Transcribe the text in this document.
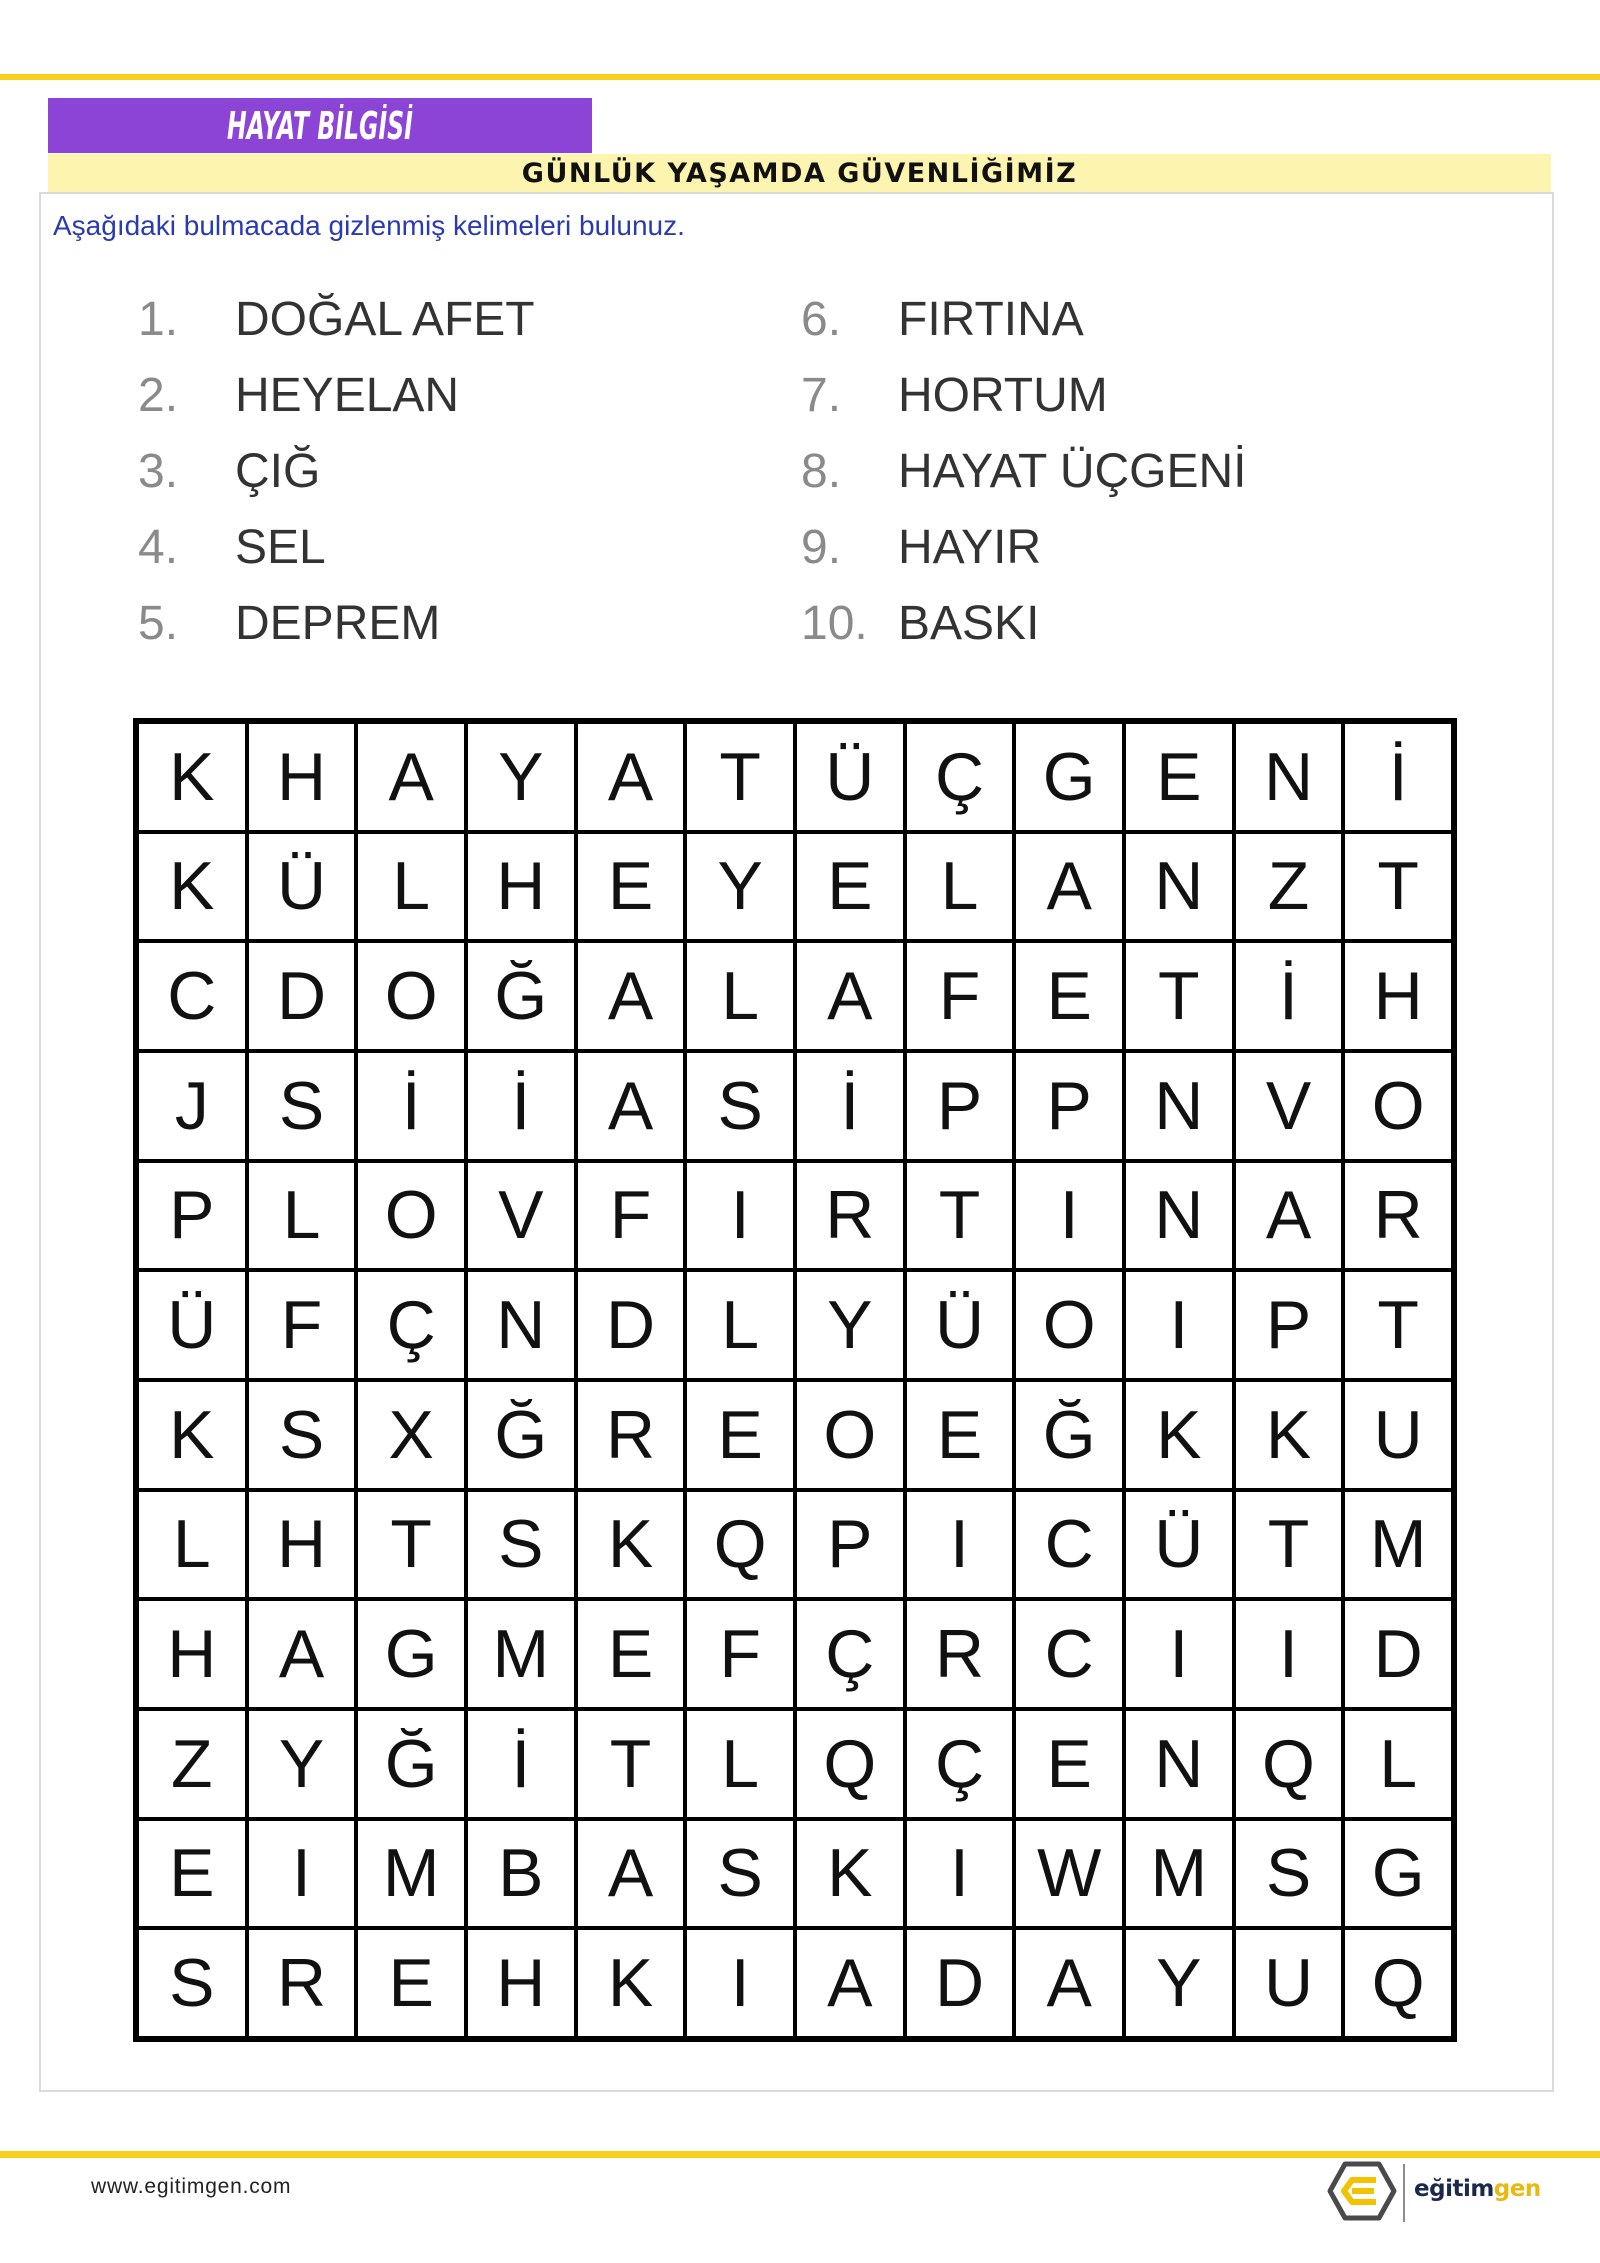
HAYAT BİLGİSİ
GÜNLÜK YAŞAMDA GÜVENLİĞİMİZ
Aşağıdaki bulmacada gizlenmiş kelimeleri bulunuz.
1.	DOĞAL AFET
2.	HEYELAN
3.	ÇIĞ
4.	SEL
5.	DEPREM
6.	FIRTINA
7.	HORTUM
8.	HAYAT ÜÇGENİ
9.	HAYIR
10. BASKI
K H A Y A T Ü Ç G E N	İ
K Ü L H E Y E	L	A N Z	T
C D O Ğ A	L	A F E T	İ	H
J	S	İ	İ	A S	İ	P P N V O
P	L O V F	I	R T	I	N A R
Ü F Ç N D L	Y Ü O	I	P T
K S X Ğ R E O E Ğ K K U
L H T S K Q P	I	C Ü T M
H A G M E F Ç R C	I	I	D
Z Y Ğ	İ	T	L Q Ç E N Q L
E	I	M B A S K	I	W M S G
S R E H K	I	A D A Y U Q
www.egitimgen.com	eğitimgen
